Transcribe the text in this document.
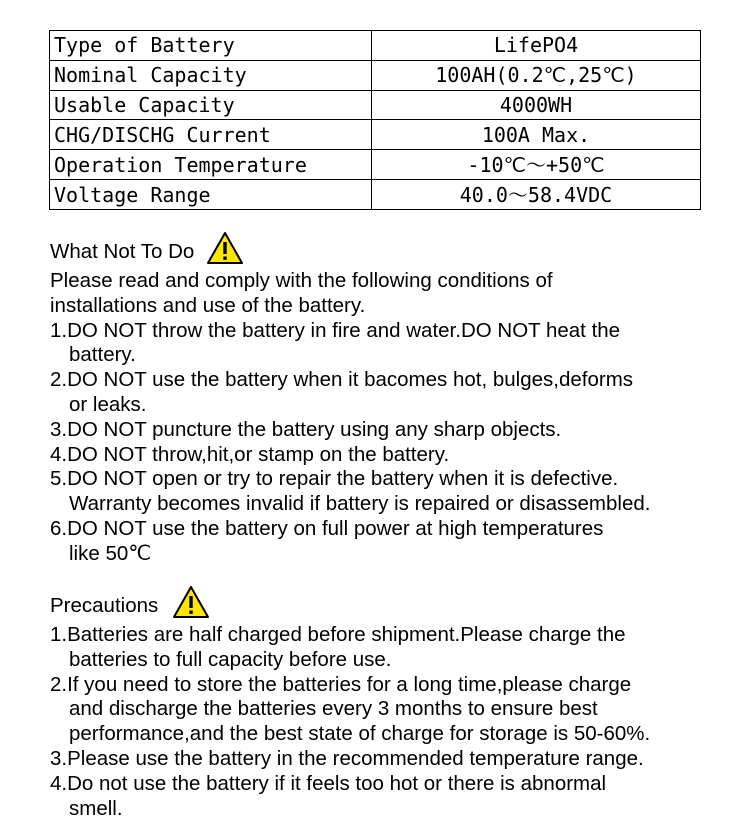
Type of Battery	LifePO4
Nominal Capacity	100AH(0.2℃,25℃)
Usable Capacity	4000WH
CHG/DISCHG Current	100A Max.
Operation Temperature	-10℃～+50℃
Voltage Range	40.0～58.4VDC

What Not To Do

Please read and comply with the following conditions of

installations and use of the battery.

1.DO NOT throw the battery in fire and water.DO NOT heat the
battery.
2.DO NOT use the battery when it bacomes hot, bulges,deforms
or leaks.
3.DO NOT puncture the battery using any sharp objects.
4.DO NOT throw,hit,or stamp on the battery.
5.DO NOT open or try to repair the battery when it is defective.
Warranty becomes invalid if battery is repaired or disassembled.
6.DO NOT use the battery on full power at high temperatures
like 50℃

Precautions

1.Batteries are half charged before shipment.Please charge the
batteries to full capacity before use.
2.If you need to store the batteries for a long time,please charge
and discharge the batteries every 3 months to ensure best
performance,and the best state of charge for storage is 50-60%.
3.Please use the battery in the recommended temperature range.
4.Do not use the battery if it feels too hot or there is abnormal
smell.
